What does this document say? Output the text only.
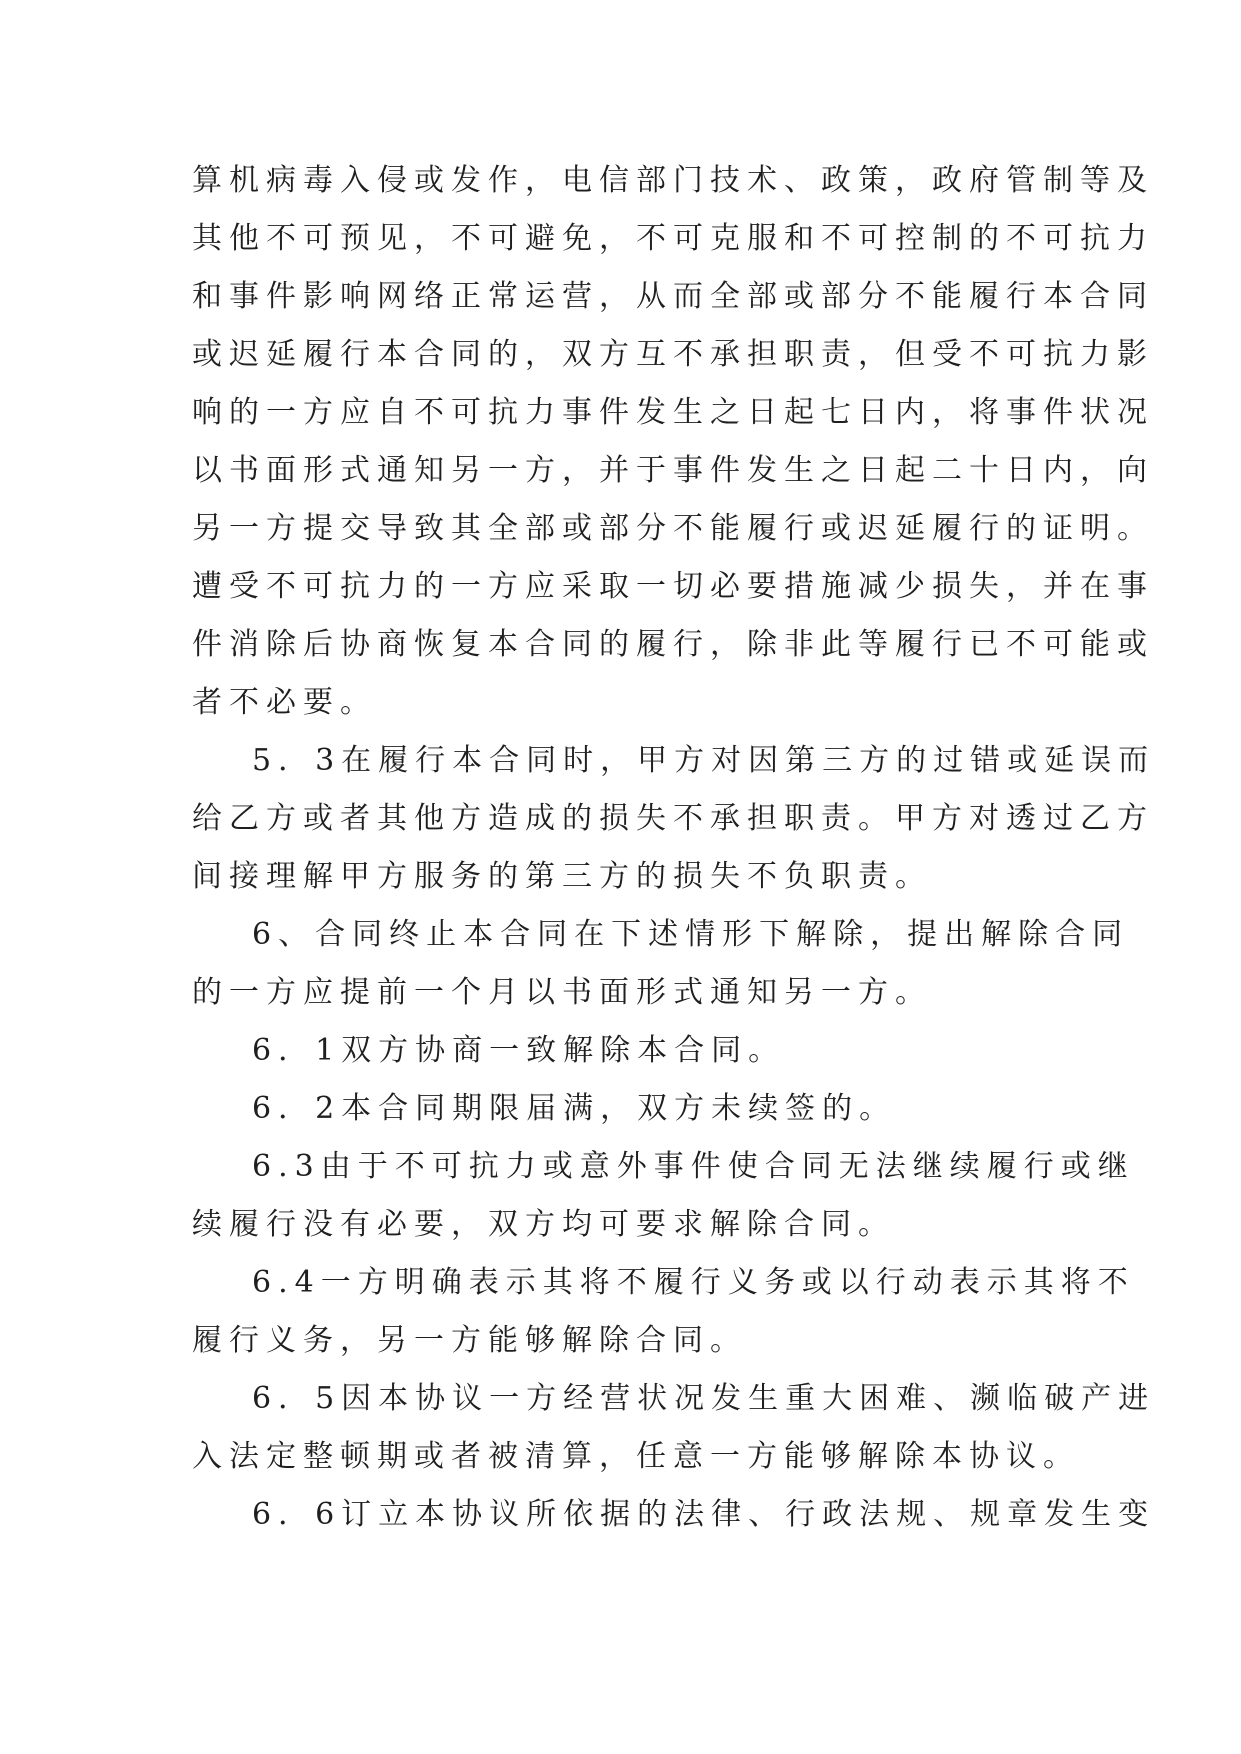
算机病毒入侵或发作，电信部门技术、政策，政府管制等及
其他不可预见，不可避免，不可克服和不可控制的不可抗力
和事件影响网络正常运营，从而全部或部分不能履行本合同
或迟延履行本合同的，双方互不承担职责，但受不可抗力影
响的一方应自不可抗力事件发生之日起七日内，将事件状况
以书面形式通知另一方，并于事件发生之日起二十日内，向
另一方提交导致其全部或部分不能履行或迟延履行的证明。
遭受不可抗力的一方应采取一切必要措施减少损失，并在事
件消除后协商恢复本合同的履行，除非此等履行已不可能或
者不必要。
5．3在履行本合同时，甲方对因第三方的过错或延误而
给乙方或者其他方造成的损失不承担职责。甲方对透过乙方
间接理解甲方服务的第三方的损失不负职责。
6、合同终止本合同在下述情形下解除，提出解除合同
的一方应提前一个月以书面形式通知另一方。
6．1双方协商一致解除本合同。
6．2本合同期限届满，双方未续签的。
6.3由于不可抗力或意外事件使合同无法继续履行或继
续履行没有必要，双方均可要求解除合同。
6.4一方明确表示其将不履行义务或以行动表示其将不
履行义务，另一方能够解除合同。
6．5因本协议一方经营状况发生重大困难、濒临破产进
入法定整顿期或者被清算，任意一方能够解除本协议。
6．6订立本协议所依据的法律、行政法规、规章发生变
